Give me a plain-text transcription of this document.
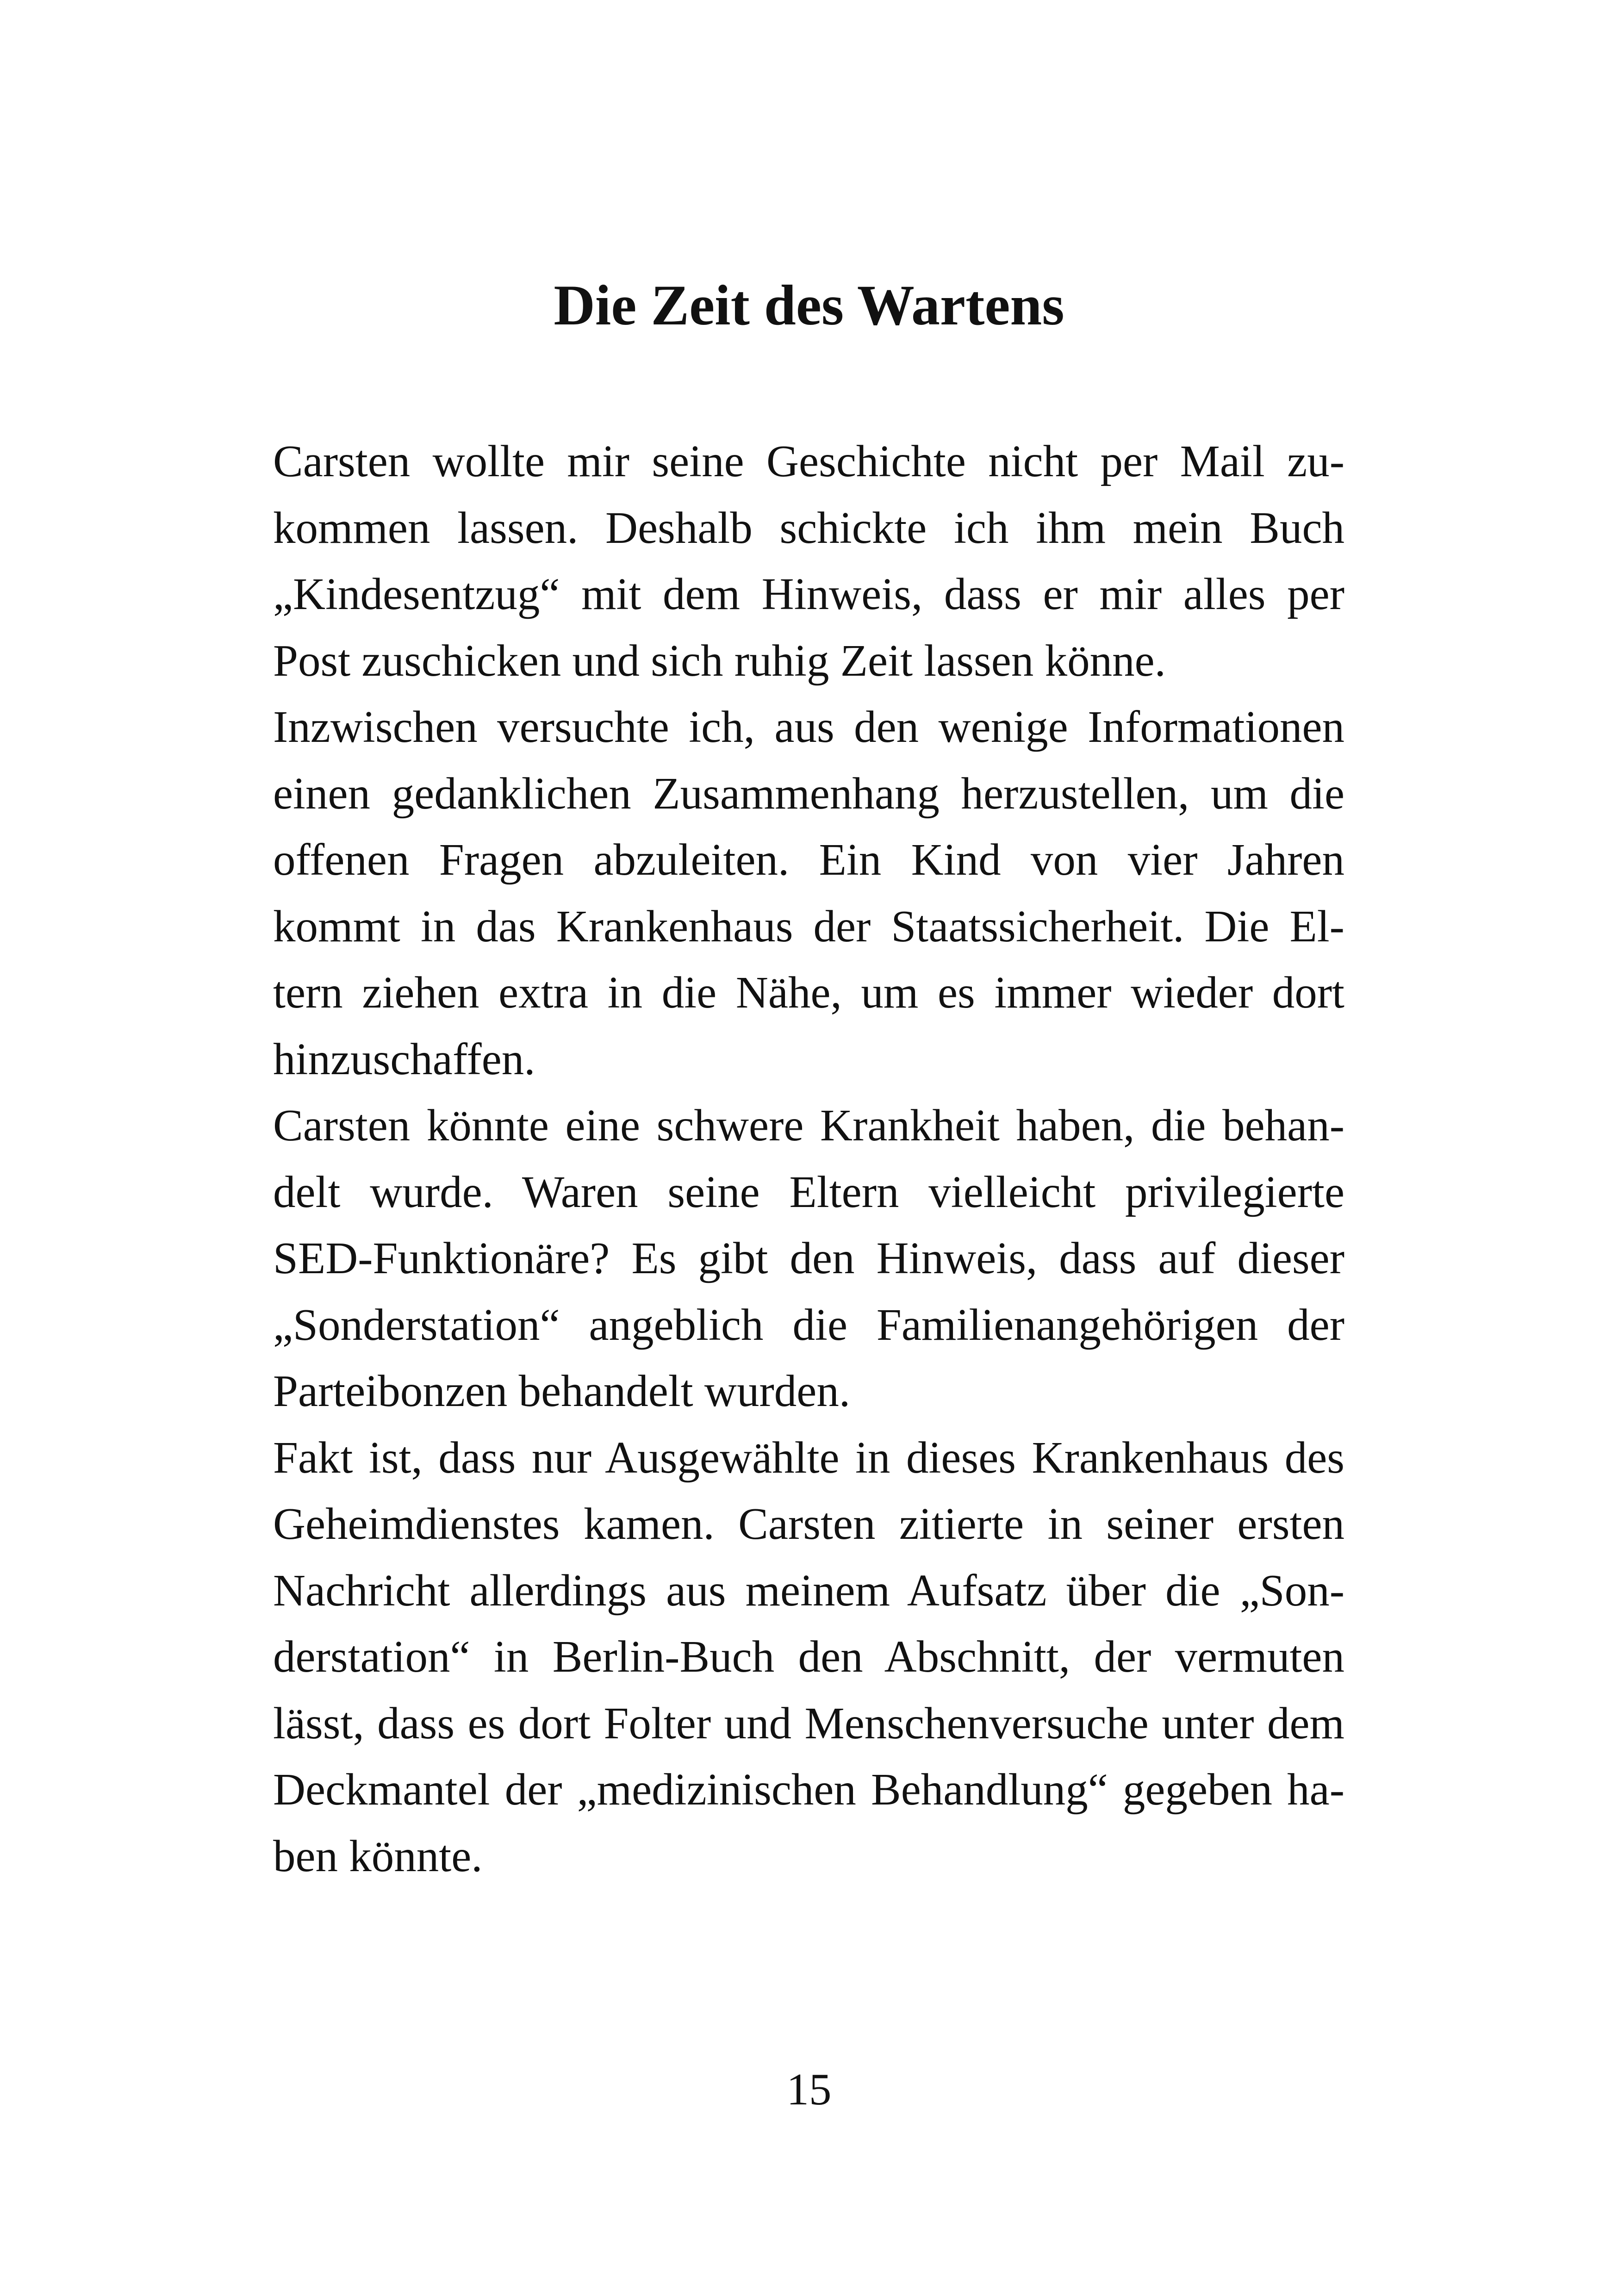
Die Zeit des Wartens

Carsten wollte mir seine Geschichte nicht per Mail zu-
kommen lassen. Deshalb schickte ich ihm mein Buch
„Kindesentzug“ mit dem Hinweis, dass er mir alles per
Post zuschicken und sich ruhig Zeit lassen könne.

Inzwischen versuchte ich, aus den wenige Informationen
einen gedanklichen Zusammenhang herzustellen, um die
offenen Fragen abzuleiten. Ein Kind von vier Jahren
kommt in das Krankenhaus der Staatssicherheit. Die El-
tern ziehen extra in die Nähe, um es immer wieder dort
hinzuschaffen.

Carsten könnte eine schwere Krankheit haben, die behan-
delt wurde. Waren seine Eltern vielleicht privilegierte
SED-Funktionäre? Es gibt den Hinweis, dass auf dieser
„Sonderstation“ angeblich die Familienangehörigen der
Parteibonzen behandelt wurden.

Fakt ist, dass nur Ausgewählte in dieses Krankenhaus des
Geheimdienstes kamen. Carsten zitierte in seiner ersten
Nachricht allerdings aus meinem Aufsatz über die „Son-
derstation“ in Berlin-Buch den Abschnitt, der vermuten
lässt, dass es dort Folter und Menschenversuche unter dem
Deckmantel der „medizinischen Behandlung“ gegeben ha-
ben könnte.

15
